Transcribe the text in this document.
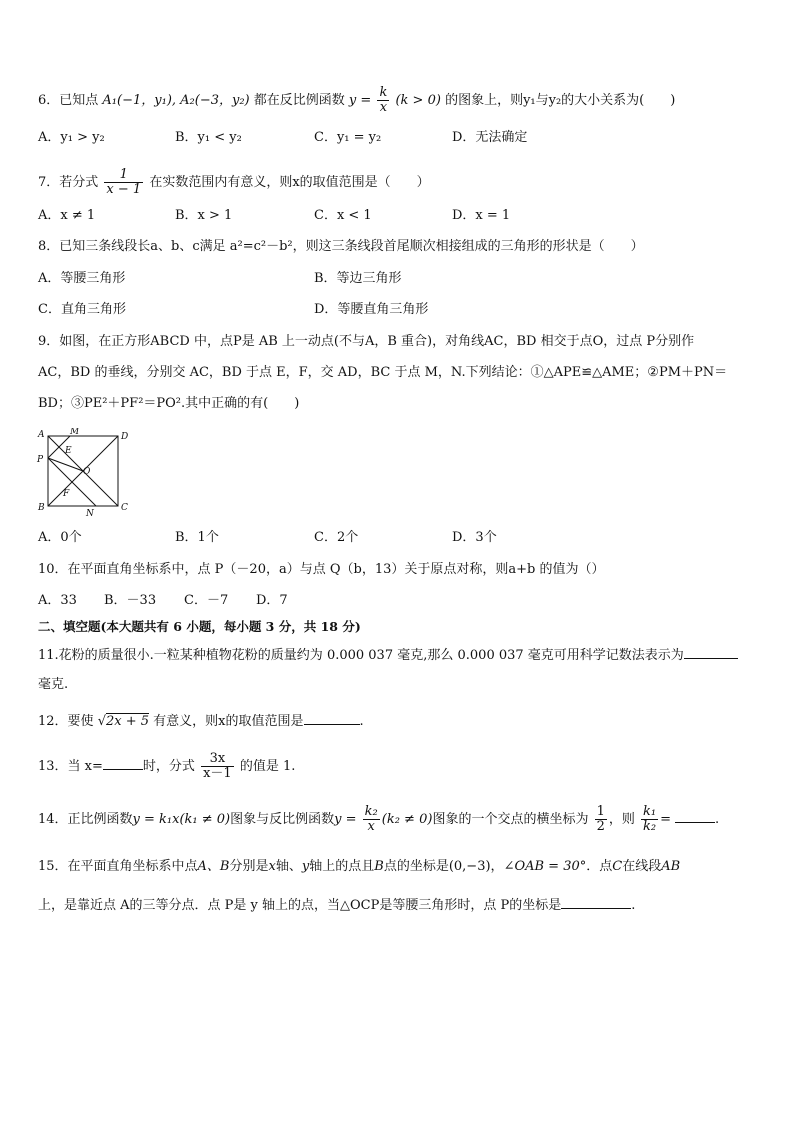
6．已知点 A₁(−1，y₁), A₂(−3，y₂) 都在反比例函数 $y = \frac{k}{x} (k > 0)$ 的图象上，则y₁与y₂的大小关系为(　　)
A．y₁ > y₂	B．y₁ < y₂	C．y₁ = y₂	D．无法确定
7．若分式 $\frac{1}{x - 1}$ 在实数范围内有意义，则x的取值范围是（　　）
A．x ≠ 1	B．x > 1	C．x < 1	D．x = 1
8．已知三条线段长a、b、c满足 a²=c²－b²，则这三条线段首尾顺次相接组成的三角形的形状是（　　）
A．等腰三角形	B．等边三角形
C．直角三角形	D．等腰直角三角形
9．如图，在正方形ABCD 中，点P是 AB 上一动点(不与A，B 重合)，对角线AC，BD 相交于点O，过点 P分别作
AC，BD 的垂线，分别交 AC，BD 于点 E，F，交 AD，BC 于点 M，N.下列结论：①△APE≌△AME；②PM＋PN＝
BD；③PE²＋PF²＝PO².其中正确的有(　　)
A	M	D
E
P
O
F
B
N
C
A．0个	B．1个	C．2个	D．3个
10．在平面直角坐标系中，点 P（－20，a）与点 Q（b，13）关于原点对称，则a+b 的值为（）
A．33 B．－33 C．－7 D．7
二、填空题(本大题共有 6 小题，每小题 3 分，共 18 分)
11.花粉的质量很小.一粒某种植物花粉的质量约为 0.000 037 毫克,那么 0.000 037 毫克可用科学记数法表示为
毫克.
12．要使 √2x + 5 有意义，则x的取值范围是	.
13．当 x=	时，分式 $\frac{3x}{x-1}$ 的值是 1.
14．正比例函数y = k₁x(k₁ ≠ 0)图象与反比例函数$y = \frac{\text{k₂}}{x} (k_2 \ne 0)$图象的一个交点的横坐标为 $\frac{1}{2}$ ，则 $\frac{\text{k₁}}{\text{k₂}}$ =	.
15．在平面直角坐标系中点A、B分别是x轴、y轴上的点且B点的坐标是(0,−3)，∠OAB = 30°．点C在线段AB
上，是靠近点 A的三等分点．点 P是 y 轴上的点，当△OCP是等腰三角形时，点 P的坐标是	.
